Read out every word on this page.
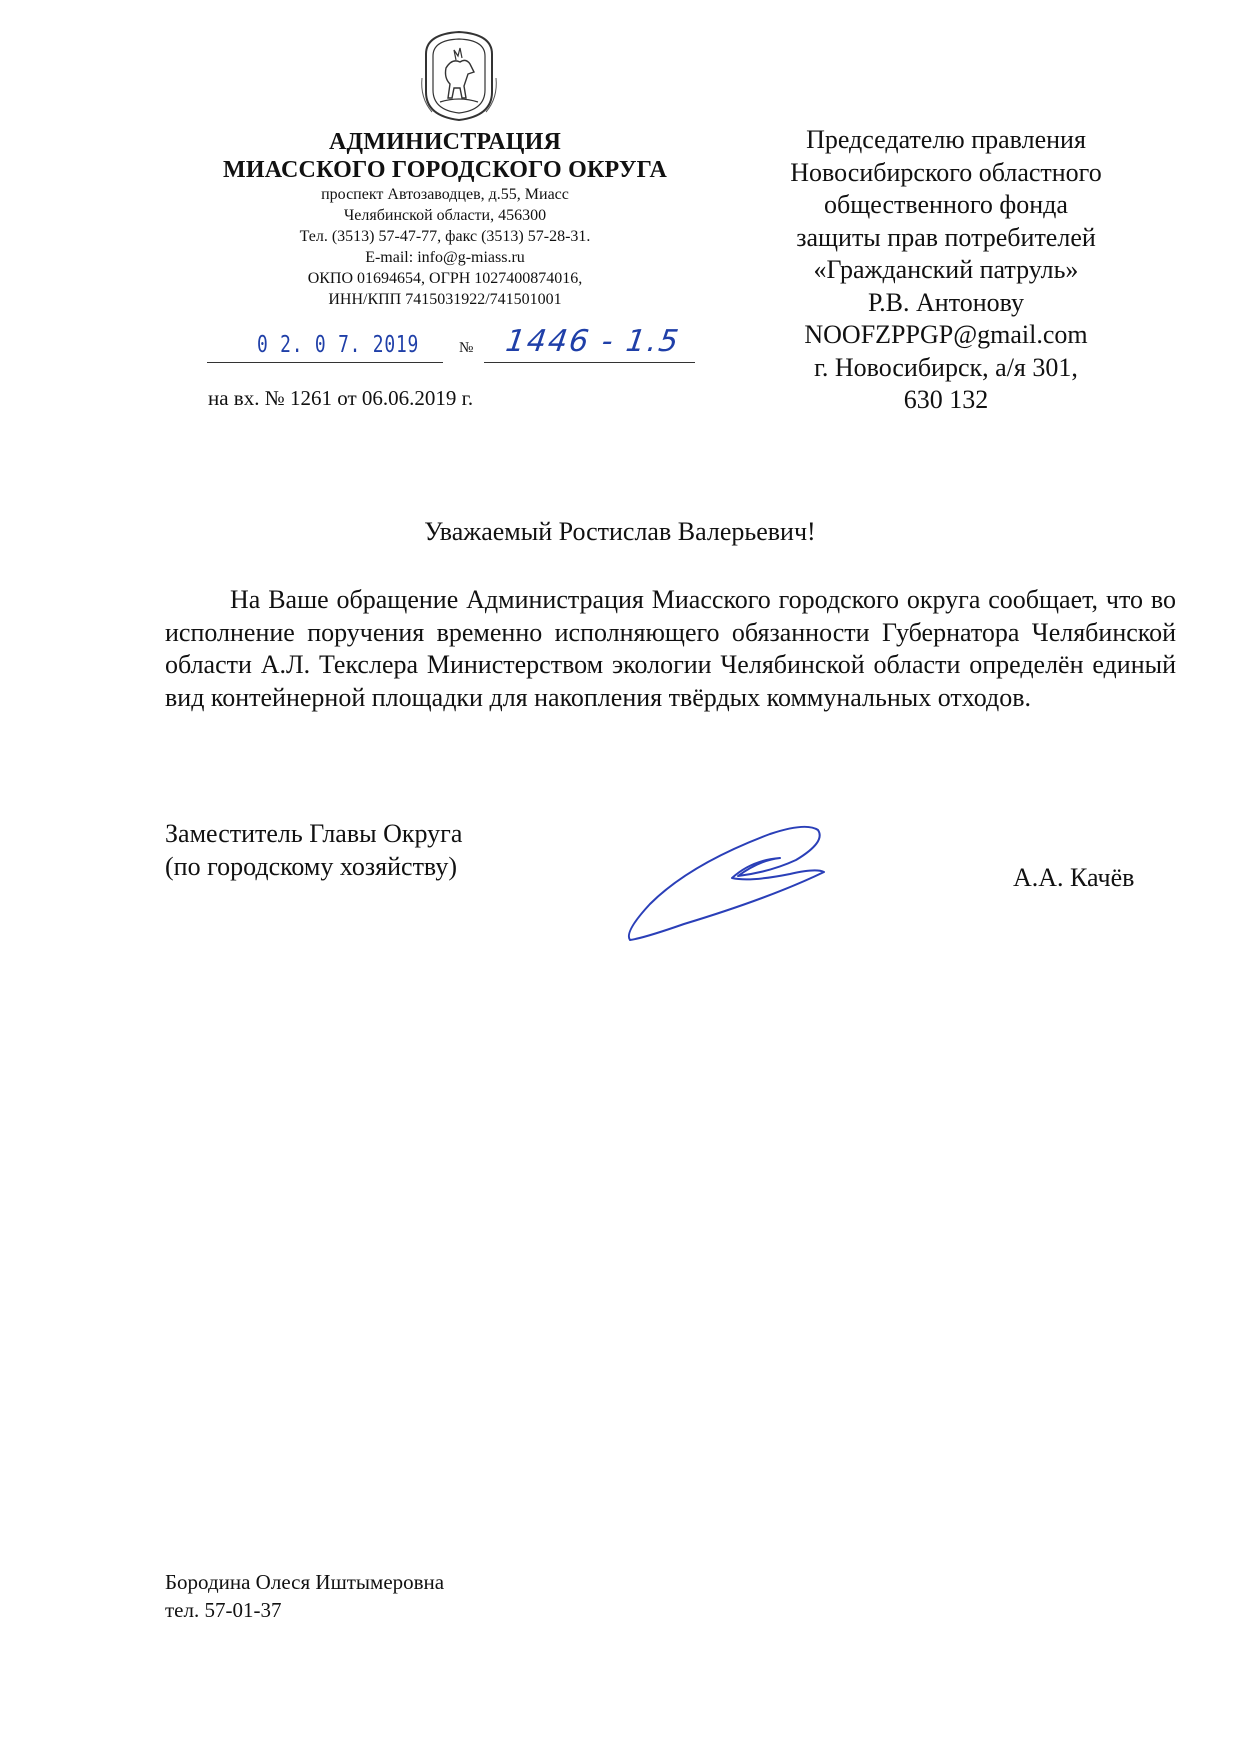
АДМИНИСТРАЦИЯ
МИАССКОГО ГОРОДСКОГО ОКРУГА
проспект Автозаводцев, д.55, Миасс
Челябинской области, 456300
Тел. (3513) 57-47-77, факс (3513) 57-28-31.
E-mail: info@g-miass.ru
ОКПО 01694654, ОГРН 1027400874016,
ИНН/КПП 7415031922/741501001
0 2. 0 7. 2019	№ 1446 - 1.5
на вх. № 1261 от 06.06.2019 г.
Председателю правления
Новосибирского областного
общественного фонда
защиты прав потребителей
«Гражданский патруль»
Р.В. Антонову
NOOFZPPGP@gmail.com
г. Новосибирск, а/я 301,
630 132
Уважаемый Ростислав Валерьевич!
На Ваше обращение Администрация Миасского городского округа сообщает, что во исполнение поручения временно исполняющего обязанности Губернатора Челябинской области А.Л. Текслера Министерством экологии Челябинской области определён единый вид контейнерной площадки для накопления твёрдых коммунальных отходов.
Заместитель Главы Округа
(по городскому хозяйству)	А.А. Качёв
Бородина Олеся Иштымеровна
тел. 57-01-37
